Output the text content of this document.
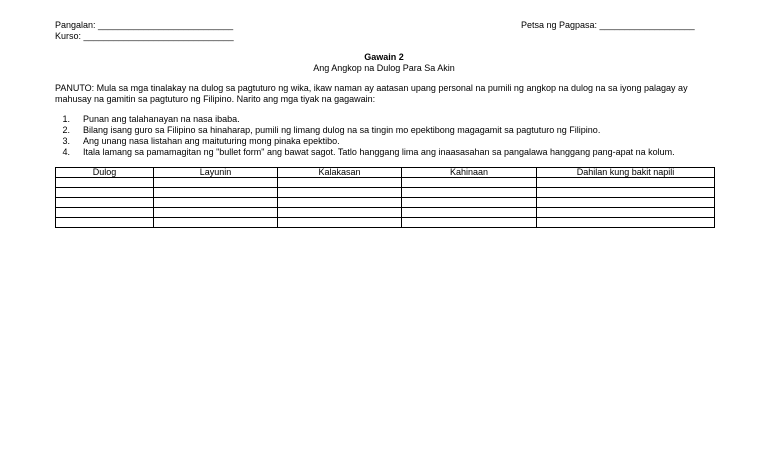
Pangalan: ___________________________
Kurso: ______________________________
Petsa ng Pagpasa: ___________________
Gawain 2
Ang Angkop na Dulog Para Sa Akin
PANUTO: Mula sa mga tinalakay na dulog sa pagtuturo ng wika, ikaw naman ay aatasan upang personal na pumili ng angkop na dulog na sa iyong palagay ay mahusay na gamitin sa pagtuturo ng Filipino. Narito ang mga tiyak na gagawain:
1. Punan ang talahanayan na nasa ibaba.
2. Bilang isang guro sa Filipino sa hinaharap, pumili ng limang dulog na sa tingin mo epektibong magagamit sa pagtuturo ng Filipino.
3. Ang unang nasa listahan ang maituturing mong pinaka epektibo.
4. Itala lamang sa pamamagitan ng "bullet form" ang bawat sagot. Tatlo hanggang lima ang inaasasahan sa pangalawa hanggang pang-apat na kolum.
Dulog	Layunin	Kalakasan	Kahinaan	Dahilan kung bakit napili
